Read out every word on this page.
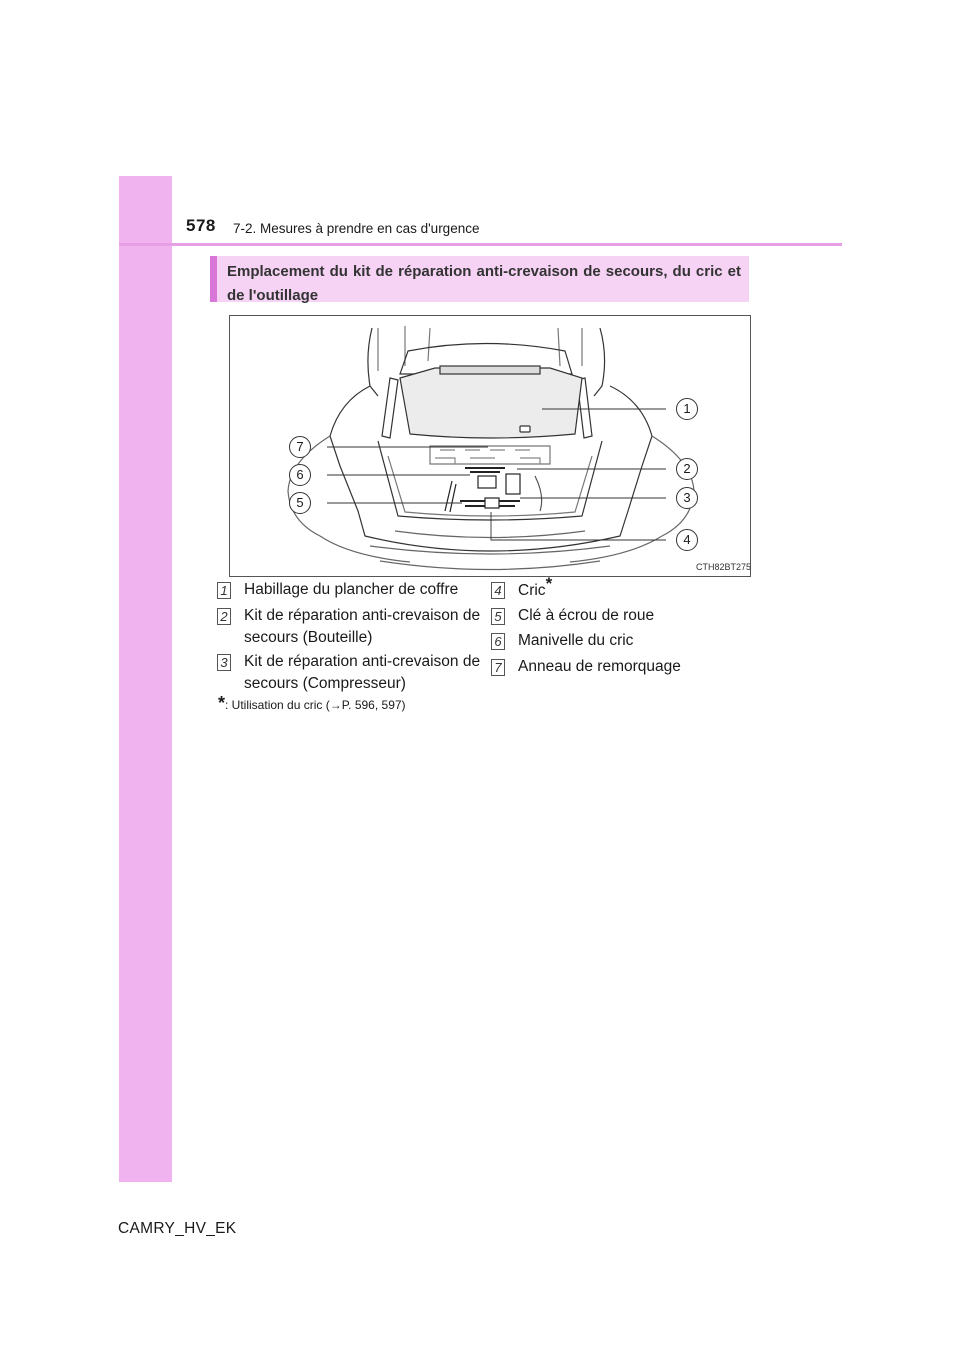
578 7-2. Mesures à prendre en cas d'urgence
Emplacement du kit de réparation anti-crevaison de secours, du cric et de l'outillage
1
2
3
4
5
6
7
CTH82BT275
1 Habillage du plancher de coffre
2 Kit de réparation anti-crevaison de
secours (Bouteille)
3 Kit de réparation anti-crevaison de
secours (Compresseur)
4 Cric*
5 Clé à écrou de roue
6 Manivelle du cric
7 Anneau de remorquage
*: Utilisation du cric (→P. 596, 597)
CAMRY_HV_EK
